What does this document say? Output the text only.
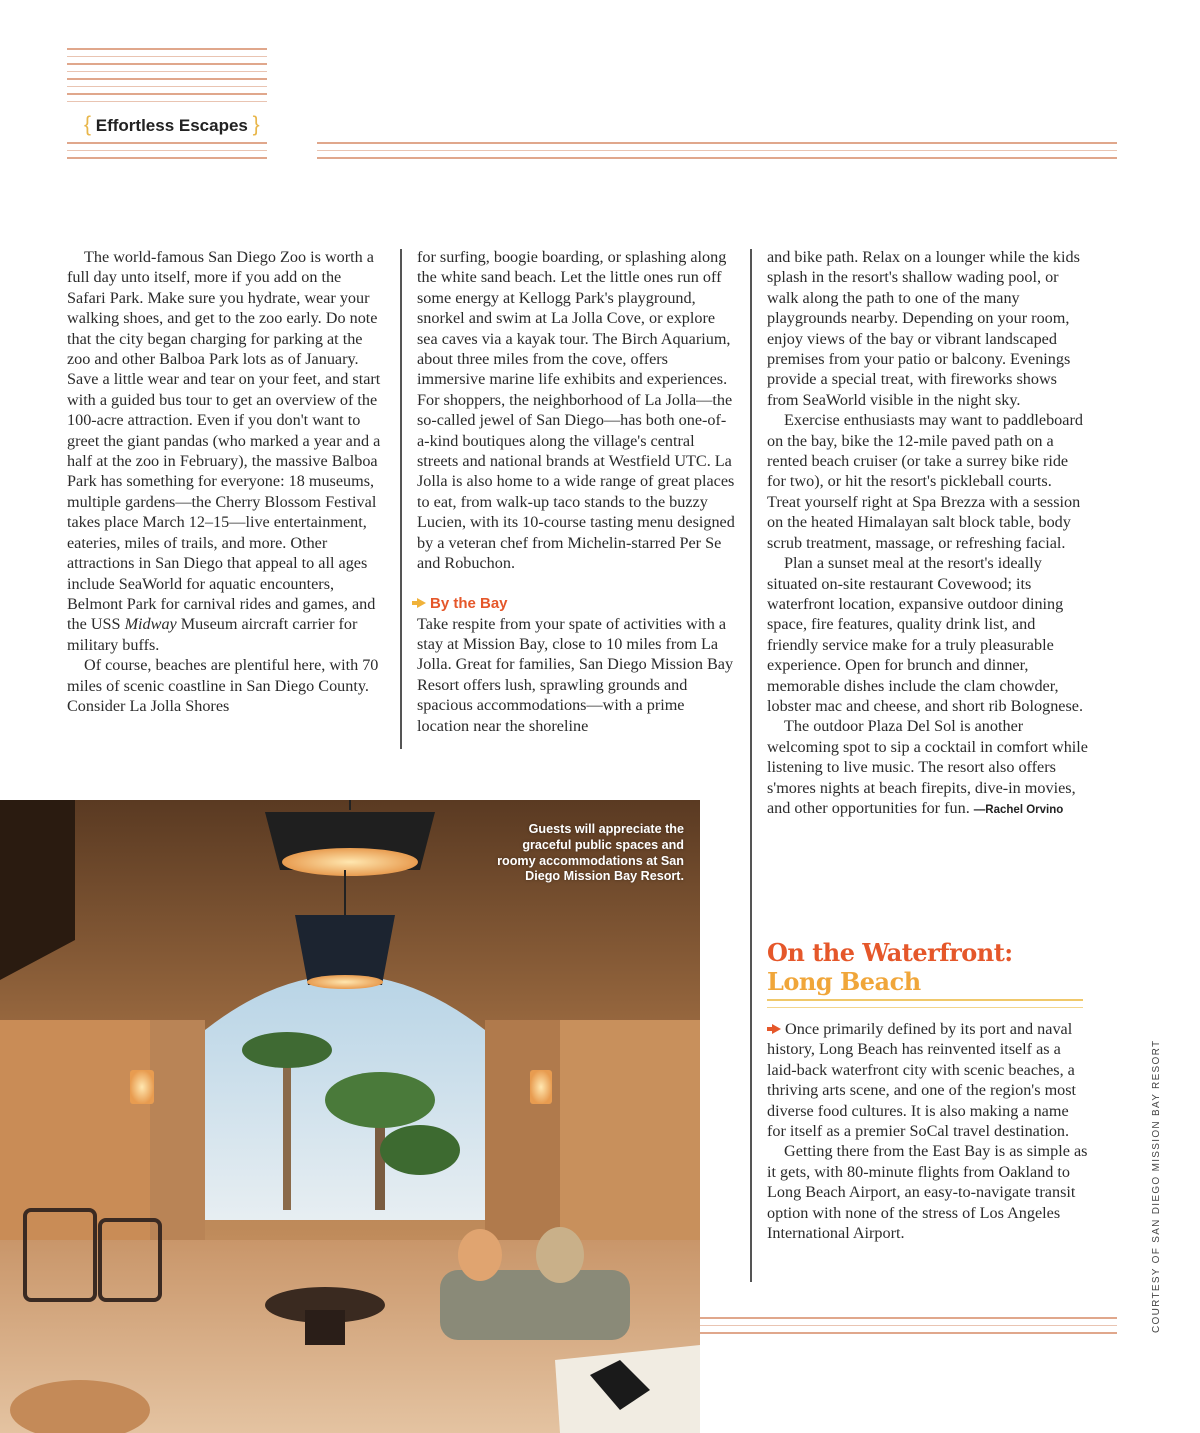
{ Effortless Escapes }

The world-famous San Diego Zoo is worth a full day unto itself, more if you add on the Safari Park. Make sure you hydrate, wear your walking shoes, and get to the zoo early. Do note that the city began charging for parking at the zoo and other Balboa Park lots as of January. Save a little wear and tear on your feet, and start with a guided bus tour to get an overview of the 100-acre attraction. Even if you don't want to greet the giant pandas (who marked a year and a half at the zoo in February), the massive Balboa Park has something for everyone: 18 museums, multiple gardens—the Cherry Blossom Festival takes place March 12–15—live entertainment, eateries, miles of trails, and more. Other attractions in San Diego that appeal to all ages include SeaWorld for aquatic encounters, Belmont Park for carnival rides and games, and the USS Midway Museum aircraft carrier for military buffs.

Of course, beaches are plentiful here, with 70 miles of scenic coastline in San Diego County. Consider La Jolla Shores

for surfing, boogie boarding, or splashing along the white sand beach. Let the little ones run off some energy at Kellogg Park's playground, snorkel and swim at La Jolla Cove, or explore sea caves via a kayak tour. The Birch Aquarium, about three miles from the cove, offers immersive marine life exhibits and experiences. For shoppers, the neighborhood of La Jolla—the so-called jewel of San Diego—has both one-of-a-kind boutiques along the village's central streets and national brands at Westfield UTC. La Jolla is also home to a wide range of great places to eat, from walk-up taco stands to the buzzy Lucien, with its 10-course tasting menu designed by a veteran chef from Michelin-starred Per Se and Robuchon.

By the Bay

Take respite from your spate of activities with a stay at Mission Bay, close to 10 miles from La Jolla. Great for families, San Diego Mission Bay Resort offers lush, sprawling grounds and spacious accommodations—with a prime location near the shoreline

and bike path. Relax on a lounger while the kids splash in the resort's shallow wading pool, or walk along the path to one of the many playgrounds nearby. Depending on your room, enjoy views of the bay or vibrant landscaped premises from your patio or balcony. Evenings provide a special treat, with fireworks shows from SeaWorld visible in the night sky.

Exercise enthusiasts may want to paddleboard on the bay, bike the 12-mile paved path on a rented beach cruiser (or take a surrey bike ride for two), or hit the resort's pickleball courts. Treat yourself right at Spa Brezza with a session on the heated Himalayan salt block table, body scrub treatment, massage, or refreshing facial.

Plan a sunset meal at the resort's ideally situated on-site restaurant Covewood; its waterfront location, expansive outdoor dining space, fire features, quality drink list, and friendly service make for a truly pleasurable experience. Open for brunch and dinner, memorable dishes include the clam chowder, lobster mac and cheese, and short rib Bolognese.

The outdoor Plaza Del Sol is another welcoming spot to sip a cocktail in comfort while listening to live music. The resort also offers s'mores nights at beach firepits, dive-in movies, and other opportunities for fun. —Rachel Orvino

On the Waterfront:
Long Beach

Once primarily defined by its port and naval history, Long Beach has reinvented itself as a laid-back waterfront city with scenic beaches, a thriving arts scene, and one of the region's most diverse food cultures. It is also making a name for itself as a premier SoCal travel destination.

Getting there from the East Bay is as simple as it gets, with 80-minute flights from Oakland to Long Beach Airport, an easy-to-navigate transit option with none of the stress of Los Angeles International Airport.

Guests will appreciate the graceful public spaces and roomy accommodations at San Diego Mission Bay Resort.
COURTESY OF SAN DIEGO MISSION BAY RESORT
